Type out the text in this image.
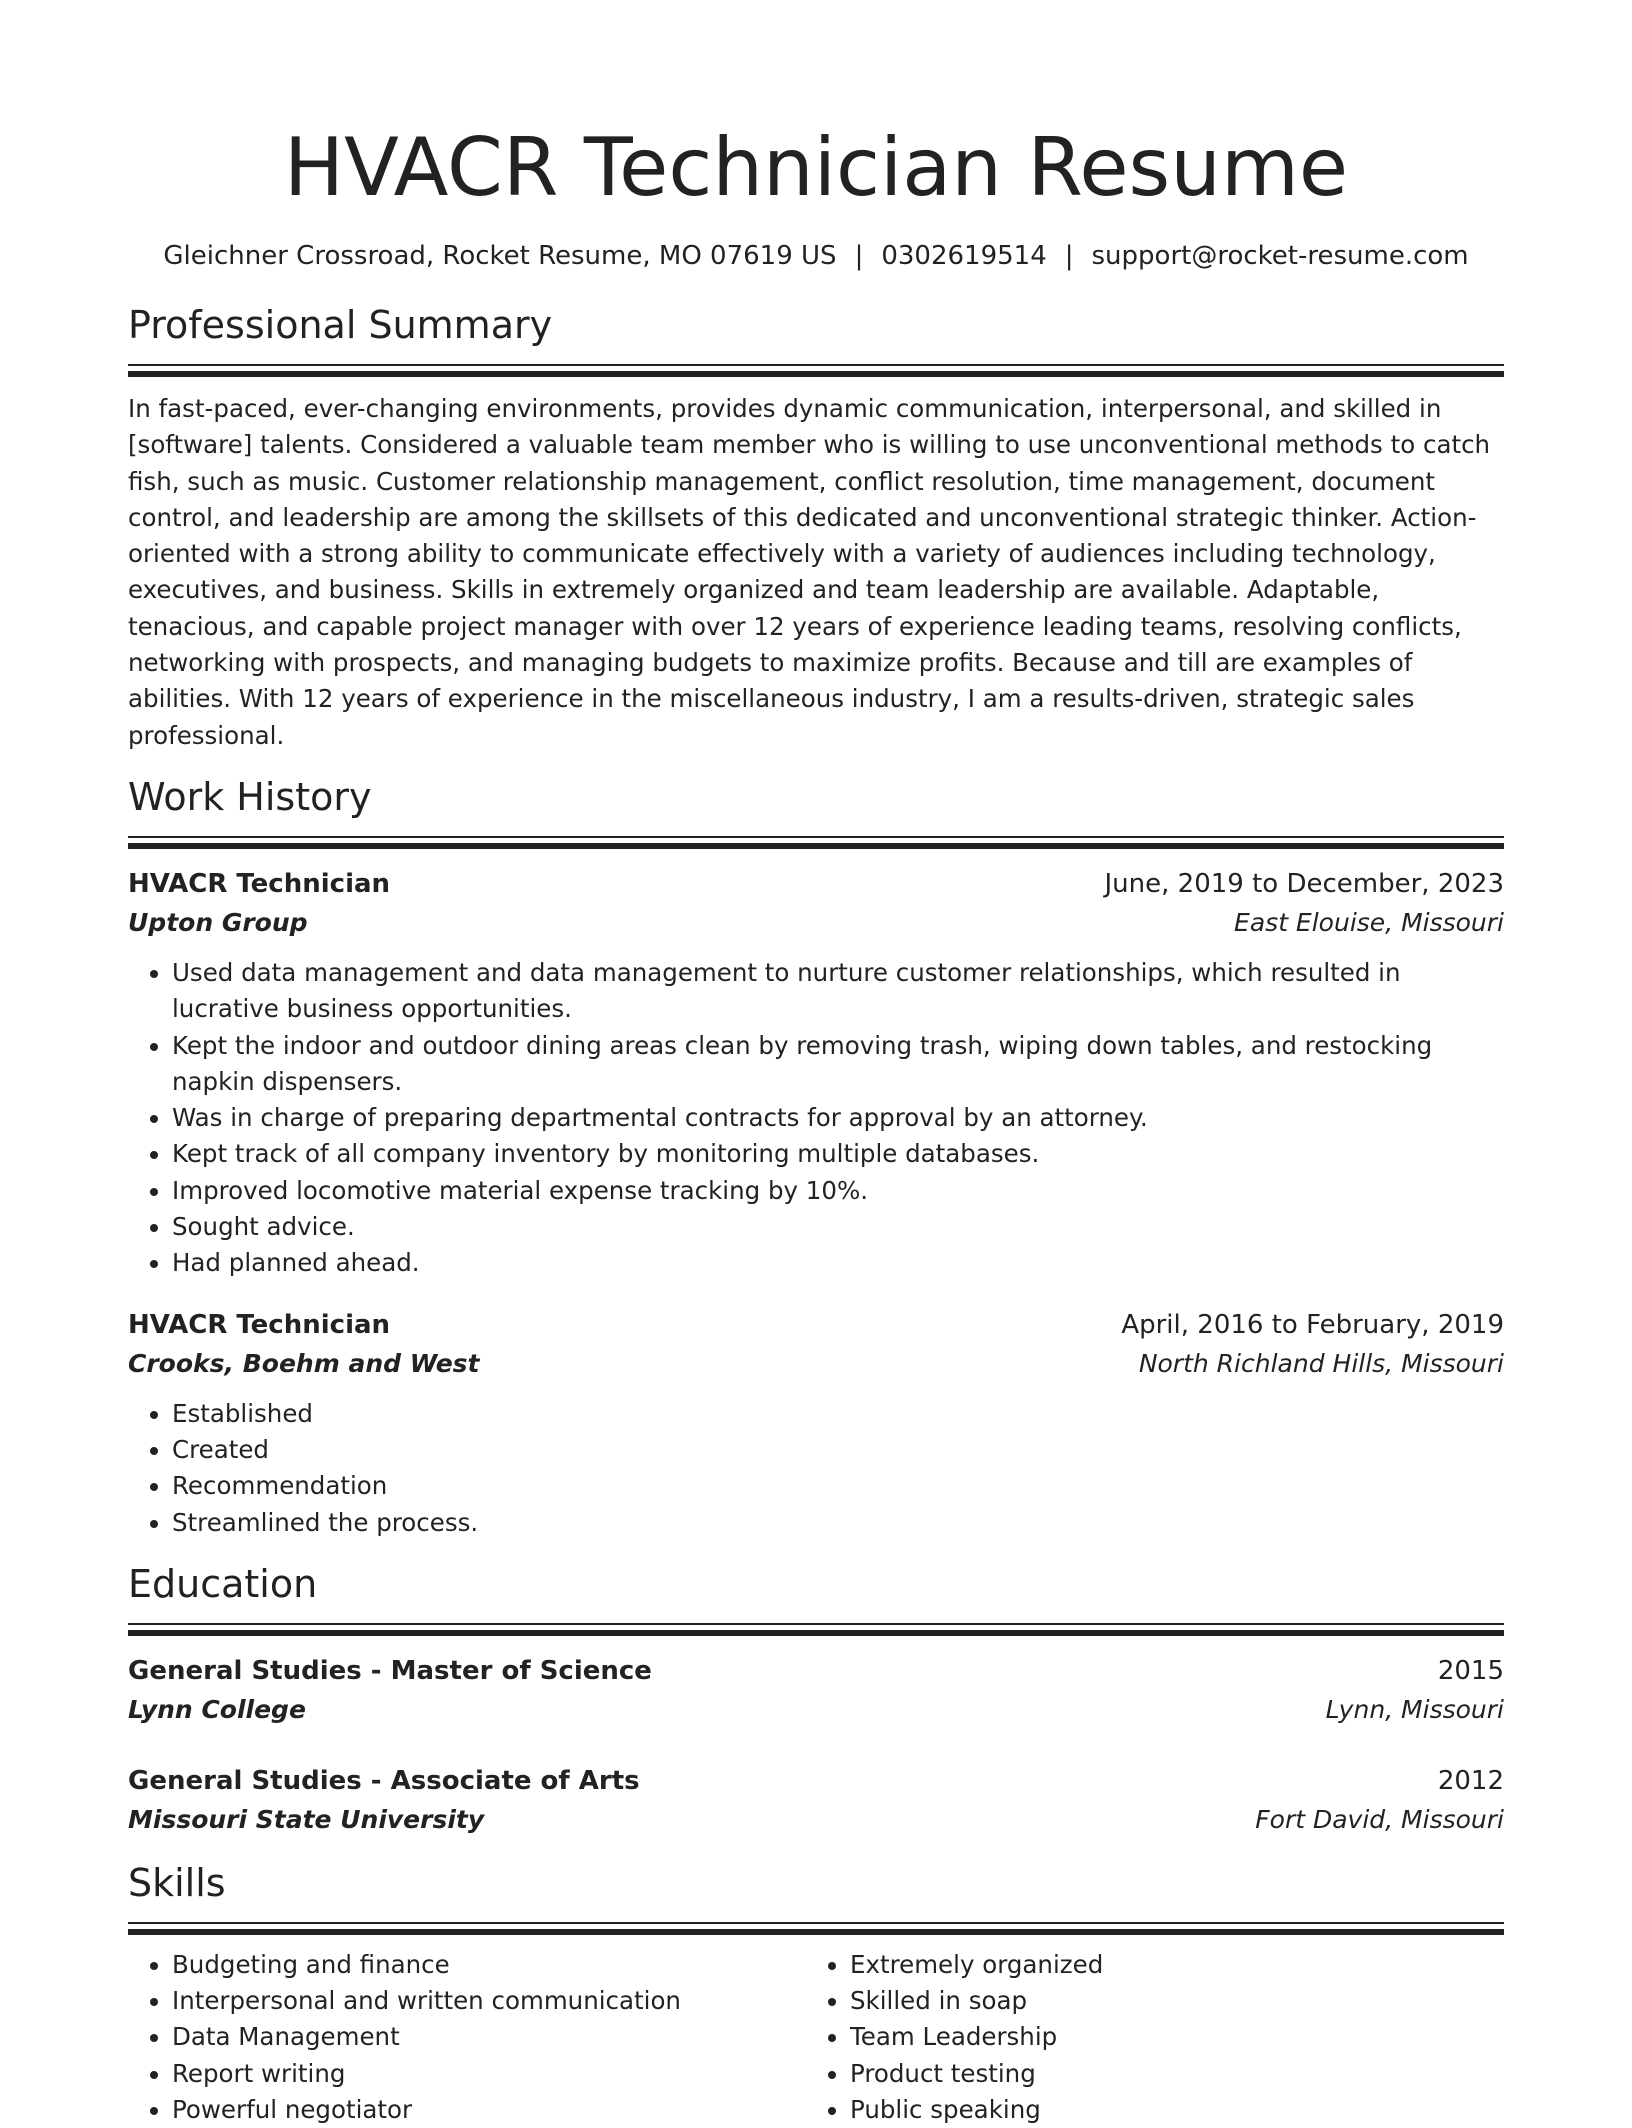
HVACR Technician Resume
Gleichner Crossroad, Rocket Resume, MO 07619 US | 0302619514 | support@rocket-resume.com
Professional Summary
In fast-paced, ever-changing environments, provides dynamic communication, interpersonal, and skilled in [software] talents. Considered a valuable team member who is willing to use unconventional methods to catch fish, such as music. Customer relationship management, conflict resolution, time management, document control, and leadership are among the skillsets of this dedicated and unconventional strategic thinker. Action-oriented with a strong ability to communicate effectively with a variety of audiences including technology, executives, and business. Skills in extremely organized and team leadership are available. Adaptable, tenacious, and capable project manager with over 12 years of experience leading teams, resolving conflicts, networking with prospects, and managing budgets to maximize profits. Because and till are examples of abilities. With 12 years of experience in the miscellaneous industry, I am a results-driven, strategic sales professional.
Work History
HVACR Technician	June, 2019 to December, 2023
Upton Group	East Elouise, Missouri
• Used data management and data management to nurture customer relationships, which resulted in lucrative business opportunities.
• Kept the indoor and outdoor dining areas clean by removing trash, wiping down tables, and restocking napkin dispensers.
• Was in charge of preparing departmental contracts for approval by an attorney.
• Kept track of all company inventory by monitoring multiple databases.
• Improved locomotive material expense tracking by 10%.
• Sought advice.
• Had planned ahead.
HVACR Technician	April, 2016 to February, 2019
Crooks, Boehm and West	North Richland Hills, Missouri
• Established
• Created
• Recommendation
• Streamlined the process.
Education
General Studies - Master of Science	2015
Lynn College	Lynn, Missouri
General Studies - Associate of Arts	2012
Missouri State University	Fort David, Missouri
Skills
• Budgeting and finance
• Interpersonal and written communication
• Data Management
• Report writing
• Powerful negotiator
• Extremely organized
• Skilled in soap
• Team Leadership
• Product testing
• Public speaking
